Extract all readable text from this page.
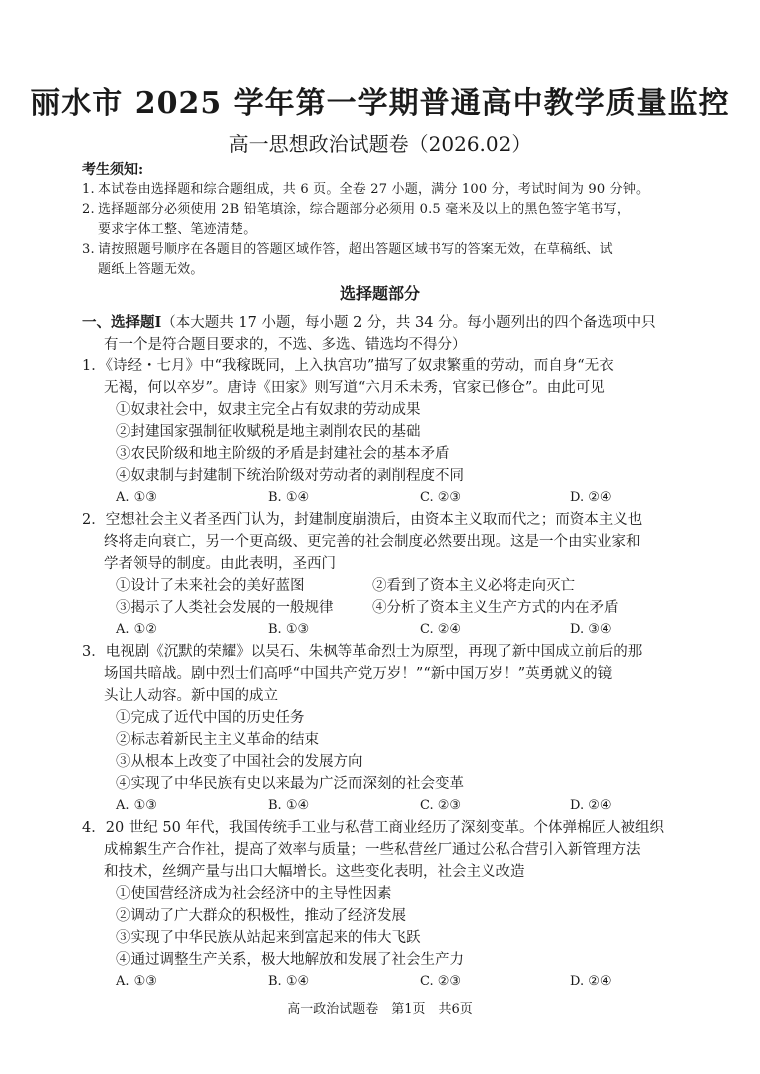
丽水市 2025 学年第一学期普通高中教学质量监控
高一思想政治试题卷（2026.02）
考生须知:
1. 本试卷由选择题和综合题组成，共 6 页。全卷 27 小题，满分 100 分，考试时间为 90 分钟。
2. 选择题部分必须使用 2B 铅笔填涂，综合题部分必须用 0.5 毫米及以上的黑色签字笔书写，
要求字体工整、笔迹清楚。
3. 请按照题号顺序在各题目的答题区域作答，超出答题区域书写的答案无效，在草稿纸、试
题纸上答题无效。
选择题部分
一、选择题Ⅰ（本大题共 17 小题，每小题 2 分，共 34 分。每小题列出的四个备选项中只
有一个是符合题目要求的，不选、多选、错选均不得分）
1．《诗经・七月》中“我稼既同，上入执宫功”描写了奴隶繁重的劳动，而自身“无衣
无褐，何以卒岁”。唐诗《田家》则写道“六月禾未秀，官家已修仓”。由此可见
①奴隶社会中，奴隶主完全占有奴隶的劳动成果
②封建国家强制征收赋税是地主剥削农民的基础
③农民阶级和地主阶级的矛盾是封建社会的基本矛盾
④奴隶制与封建制下统治阶级对劳动者的剥削程度不同
A. ①③	B. ①④	C. ②③	D. ②④
2．空想社会主义者圣西门认为，封建制度崩溃后，由资本主义取而代之；而资本主义也
终将走向衰亡，另一个更高级、更完善的社会制度必然要出现。这是一个由实业家和
学者领导的制度。由此表明，圣西门
①设计了未来社会的美好蓝图	②看到了资本主义必将走向灭亡
③揭示了人类社会发展的一般规律	④分析了资本主义生产方式的内在矛盾
A. ①②	B. ①③	C. ②④	D. ③④
3．电视剧《沉默的荣耀》以吴石、朱枫等革命烈士为原型，再现了新中国成立前后的那
场国共暗战。剧中烈士们高呼“中国共产党万岁！”“新中国万岁！”英勇就义的镜
头让人动容。新中国的成立
①完成了近代中国的历史任务
②标志着新民主主义革命的结束
③从根本上改变了中国社会的发展方向
④实现了中华民族有史以来最为广泛而深刻的社会变革
A. ①③	B. ①④	C. ②③	D. ②④
4．20 世纪 50 年代，我国传统手工业与私营工商业经历了深刻变革。个体弹棉匠人被组织
成棉絮生产合作社，提高了效率与质量；一些私营丝厂通过公私合营引入新管理方法
和技术，丝绸产量与出口大幅增长。这些变化表明，社会主义改造
①使国营经济成为社会经济中的主导性因素
②调动了广大群众的积极性，推动了经济发展
③实现了中华民族从站起来到富起来的伟大飞跃
④通过调整生产关系，极大地解放和发展了社会生产力
A. ①③	B. ①④	C. ②③	D. ②④
高一政治试题卷　第1页　共6页
